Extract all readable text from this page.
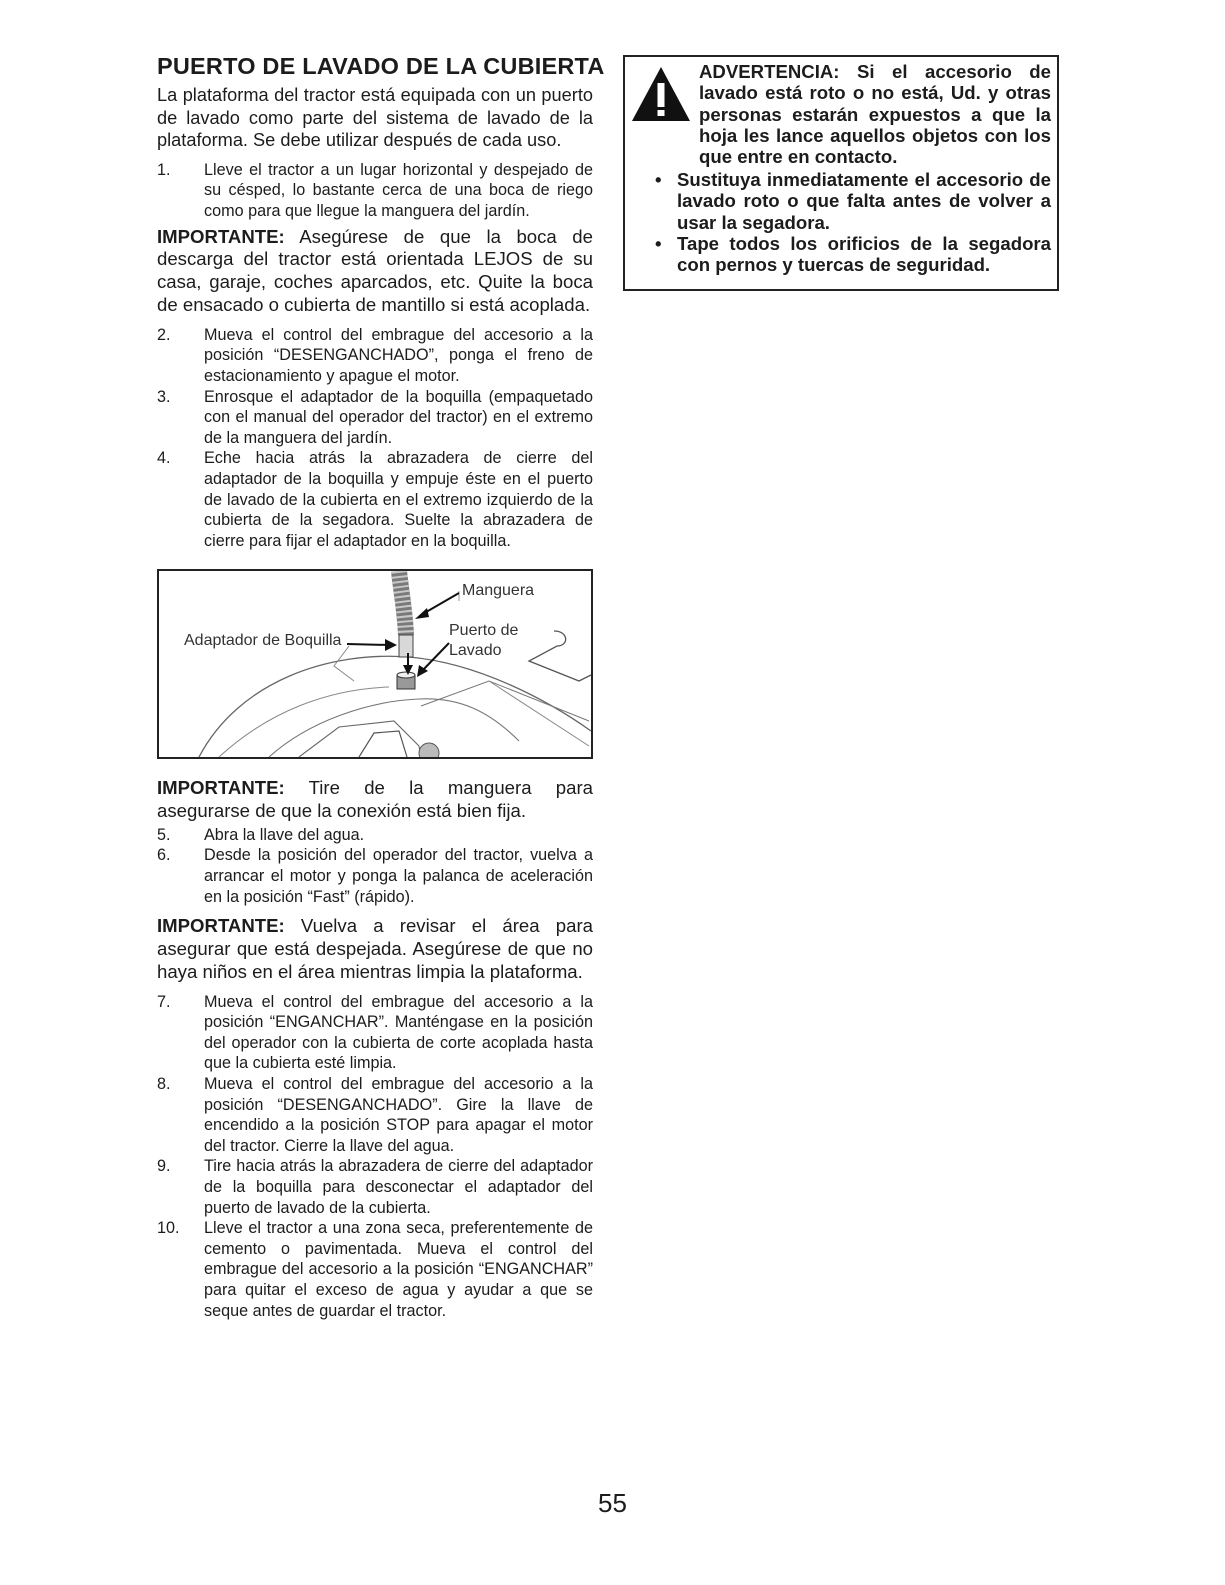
PUERTO DE LAVADO DE LA CUBIERTA

La plataforma del tractor está equipada con un puerto de lavado como parte del sistema de lavado de la plataforma. Se debe utilizar después de cada uso.

1. Lleve el tractor a un lugar horizontal y despejado de su césped, lo bastante cerca de una boca de riego como para que llegue la manguera del jardín.

IMPORTANTE: Asegúrese de que la boca de descarga del tractor está orientada LEJOS de su casa, garaje, coches aparcados, etc. Quite la boca de ensacado o cubierta de mantillo si está acoplada.

2. Mueva el control del embrague del accesorio a la posición “DESENGANCHADO”, ponga el freno de estacionamiento y apague el motor.
3. Enrosque el adaptador de la boquilla (empaquetado con el manual del operador del tractor) en el extremo de la manguera del jardín.
4. Eche hacia atrás la abrazadera de cierre del adaptador de la boquilla y empuje éste en el puerto de lavado de la cubierta en el extremo izquierdo de la cubierta de la segadora. Suelte la abrazadera de cierre para fijar el adaptador en la boquilla.
Manguera
Adaptador de Boquilla
Puerto de
Lavado

IMPORTANTE: Tire de la manguera para asegurarse de que la conexión está bien fija.

5. Abra la llave del agua.
6. Desde la posición del operador del tractor, vuelva a arrancar el motor y ponga la palanca de aceleración en la posición “Fast” (rápido).

IMPORTANTE: Vuelva a revisar el área para asegurar que está despejada. Asegúrese de que no haya niños en el área mientras limpia la plataforma.

7. Mueva el control del embrague del accesorio a la posición “ENGANCHAR”. Manténgase en la posición del operador con la cubierta de corte acoplada hasta que la cubierta esté limpia.
8. Mueva el control del embrague del accesorio a la posición “DESENGANCHADO”. Gire la llave de encendido a la posición STOP para apagar el motor del tractor. Cierre la llave del agua.
9. Tire hacia atrás la abrazadera de cierre del adaptador de la boquilla para desconectar el adaptador del puerto de lavado de la cubierta.
10. Lleve el tractor a una zona seca, preferentemente de cemento o pavimentada. Mueva el control del embrague del accesorio a la posición “ENGANCHAR” para quitar el exceso de agua y ayudar a que se seque antes de guardar el tractor.

ADVERTENCIA: Si el accesorio de lavado está roto o no está, Ud. y otras personas estarán expuestos a que la hoja les lance aquellos objetos con los que entre en contacto.

• Sustituya inmediatamente el accesorio de lavado roto o que falta antes de volver a usar la segadora.
• Tape todos los orificios de la segadora con pernos y tuercas de seguridad.
55
